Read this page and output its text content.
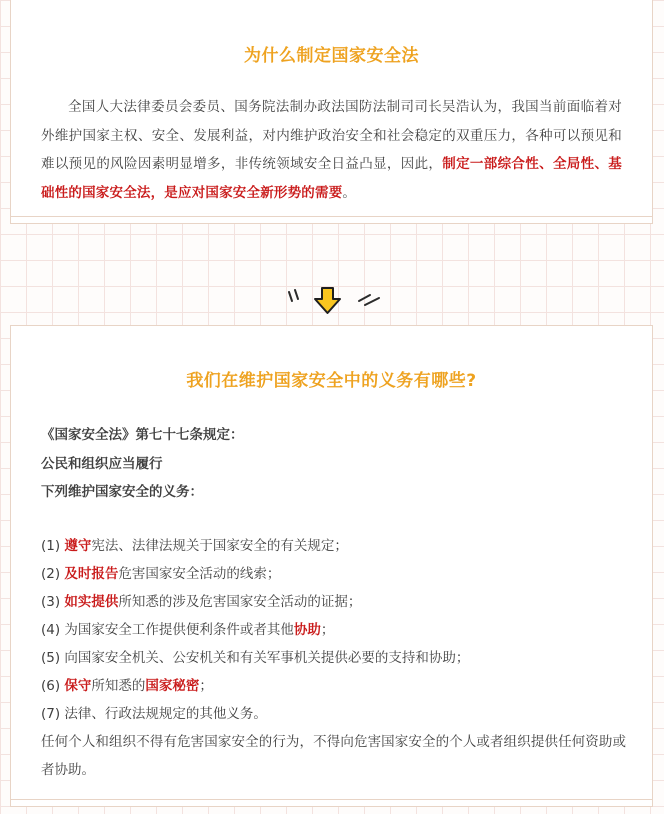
为什么制定国家安全法
全国人大法律委员会委员、国务院法制办政法国防法制司司长吴浩认为，我国当前面临着对外维护国家主权、安全、发展利益，对内维护政治安全和社会稳定的双重压力，各种可以预见和难以预见的风险因素明显增多，非传统领域安全日益凸显，因此，制定一部综合性、全局性、基础性的国家安全法，是应对国家安全新形势的需要。
我们在维护国家安全中的义务有哪些?
《国家安全法》第七十七条规定：
公民和组织应当履行
下列维护国家安全的义务：
(1) 遵守宪法、法律法规关于国家安全的有关规定；
(2) 及时报告危害国家安全活动的线索；
(3) 如实提供所知悉的涉及危害国家安全活动的证据；
(4) 为国家安全工作提供便利条件或者其他协助；
(5) 向国家安全机关、公安机关和有关军事机关提供必要的支持和协助；
(6) 保守所知悉的国家秘密；
(7) 法律、行政法规规定的其他义务。
任何个人和组织不得有危害国家安全的行为，不得向危害国家安全的个人或者组织提供任何资助或者协助。
